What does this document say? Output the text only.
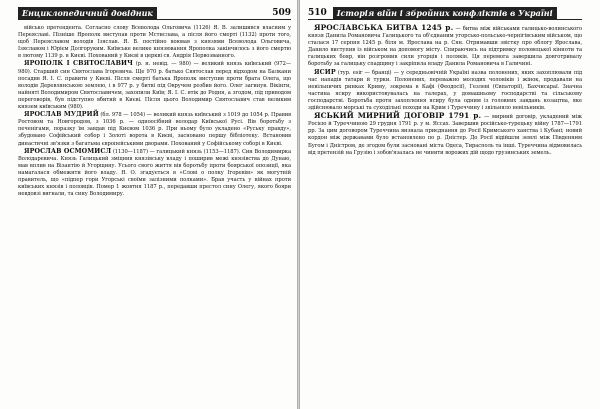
Енциклопедичний довідник	509

військо претендента. Согласно слову Всеволода Ольговича (1126) Я. В. залишився власним у Переяславі. Пізніше Ярополк виступав проти Мстислава, а після його смерті (1132) проти того, щоб Переяславом володів Ізяслав. Я. В. постійно воював з князями Всеволода Ольговича, Ізяславом і Юрієм Долгоруким. Київське велике князювання Ярополка закінчилось з його смертю в лютому 1139 р. в Києві. Похований у Києві в церкві св. Андрія Первозванного.

ЯРОПОЛК І СВЯТОСЛАВИЧ (р. н. невід. — 980) — великий князь київський (972—980). Старший син Святослава Ігоревича. Ще 970 р. батько Святослав перед відходом на Балкани посадив Я. І. С. правити у Києві. Після смерті батька Ярополк виступив проти брата Олега, що володів Деревлянською землею, і в 977 р. у битві під Овручем розбив його. Олег загинув. Вікінги, найняті Володимиром Святославичем, захопили Київ; Я. І. С. втік до Родня, а згодом, під приводом переговорів, був підступно вбитий в Києві. Після цього Володимир Святославич став великим князем київським (980).

ЯРОСЛАВ МУДРИЙ (бл. 978 — 1054) — великий князь київський з 1019 до 1054 р. Правив Ростовом та Новгородом, з 1036 р. — одноосібний володар Київської Русі. Вів боротьбу з печенігами, поразку їм завдав під Києвом 1036 р. При ньому було укладено «Руську правду», збудовано Софійський собор і Золоті ворота в Києві, засновано першу бібліотеку. Встановив династичні зв'язки з багатьма європейськими дворами. Похований у Софійському соборі в Києві.

ЯРОСЛАВ ОСМОМИСЛ (1130—1187) — галицький князь (1153—1187). Син Володимирка Володаревича. Князь Галицький зміцнив князівську владу і поширив межі князівства до Дунаю, мав вплив на Візантію й Угорщину. Усього свого життя вів боротьбу проти боярської опозиції, яка намагалася обмежити його владу. Я. О. згадується в «Слові о полку Ігоревім» як могутній правитель, що «підпер гори Угорські своїми залізними полками». Брав участь у війнах проти київських князів і половців. Помер 1 жовтня 1187 р., передавши престол сину Олегу, якого бояри невдовзі вигнали, та сину Володимиру.

510	Історія війн і збройних конфліктів в Україні

ЯРОСЛАВСЬКА БИТВА 1245 р. — битва між військами галицько-волинського князя Данила Романовича Галицького та об'єднаним угорсько-польсько-чернігівським військом, що сталася 17 серпня 1245 р. біля м. Ярослава на р. Сян. Отримавши звістку про облогу Ярослава, Данило виступив із військом на допомогу місту. Спираючись на підтримку половецької кінноти та галицьких бояр, він розгромив сили угорців і поляків. Ця перемога завершила довготривалу боротьбу за галицьку спадщину і закріпила владу Данила Романовича в Галичині.

ЯСИР (тур. esir — бранці) — у середньовічній Україні назва полонених, яких захоплювали під час нападів татари й турки. Полонених, переважно молодих чоловіків і жінок, продавали на невільничих ринках Криму, зокрема в Кафі (Феодосії), Гезлеві (Євпаторії), Бахчисараї. Значна частина ясиру використовувалась на галерах, у домашньому господарстві та сільському господарстві. Боротьба проти захоплення ясиру була одним із головних завдань козацтва, яке здійснювало морські та суходільні походи на Крим і Туреччину і звільняло невільників.

ЯСЬКИЙ МИРНИЙ ДОГОВІР 1791 р. — мирний договір, укладений між Росією й Туреччиною 29 грудня 1791 р. у м. Яссах. Завершив російсько-турецьку війну 1787—1791 рр. За цим договором Туреччина визнала приєднання до Росії Кримського ханства і Кубані; новий кордон між державами було встановлено по р. Дністер. До Росії відійшли землі між Південним Бугом і Дністром, де згодом були засновані міста Одеса, Тирасполь та інші. Туреччина відмовилась від претензій на Грузію і зобов'язалась не чинити ворожих дій щодо грузинських земель.
